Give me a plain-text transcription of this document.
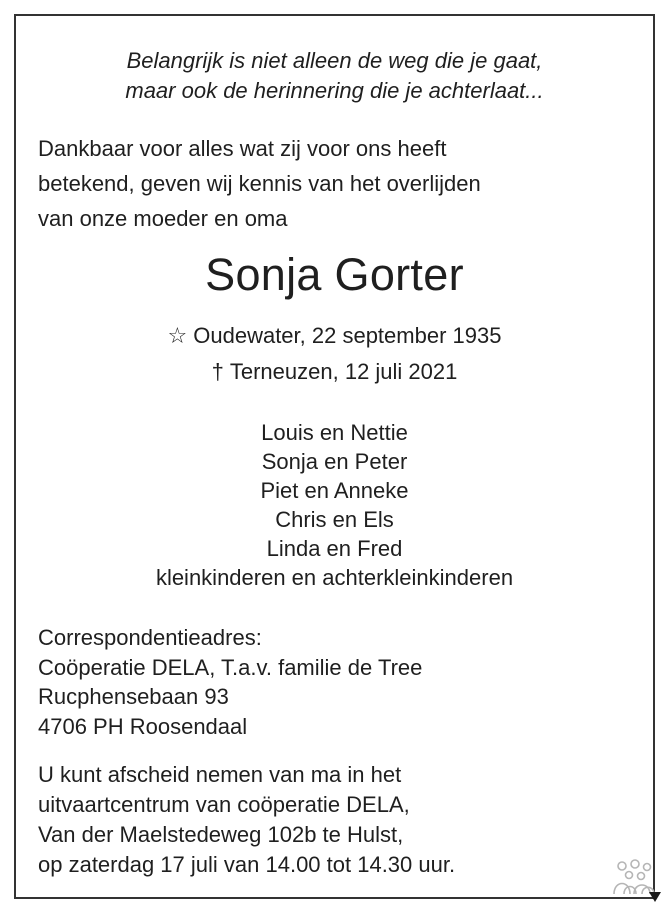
Belangrijk is niet alleen de weg die je gaat,
maar ook de herinnering die je achterlaat...
Dankbaar voor alles wat zij voor ons heeft
betekend, geven wij kennis van het overlijden
van onze moeder en oma
Sonja Gorter
☆ Oudewater, 22 september 1935
† Terneuzen, 12 juli 2021
Louis en Nettie
Sonja en Peter
Piet en Anneke
Chris en Els
Linda en Fred
kleinkinderen en achterkleinkinderen
Correspondentieadres:
Coöperatie DELA, T.a.v. familie de Tree
Rucphensebaan 93
4706 PH Roosendaal
U kunt afscheid nemen van ma in het
uitvaartcentrum van coöperatie DELA,
Van der Maelstedeweg 102b te Hulst,
op zaterdag 17 juli van 14.00 tot 14.30 uur.
